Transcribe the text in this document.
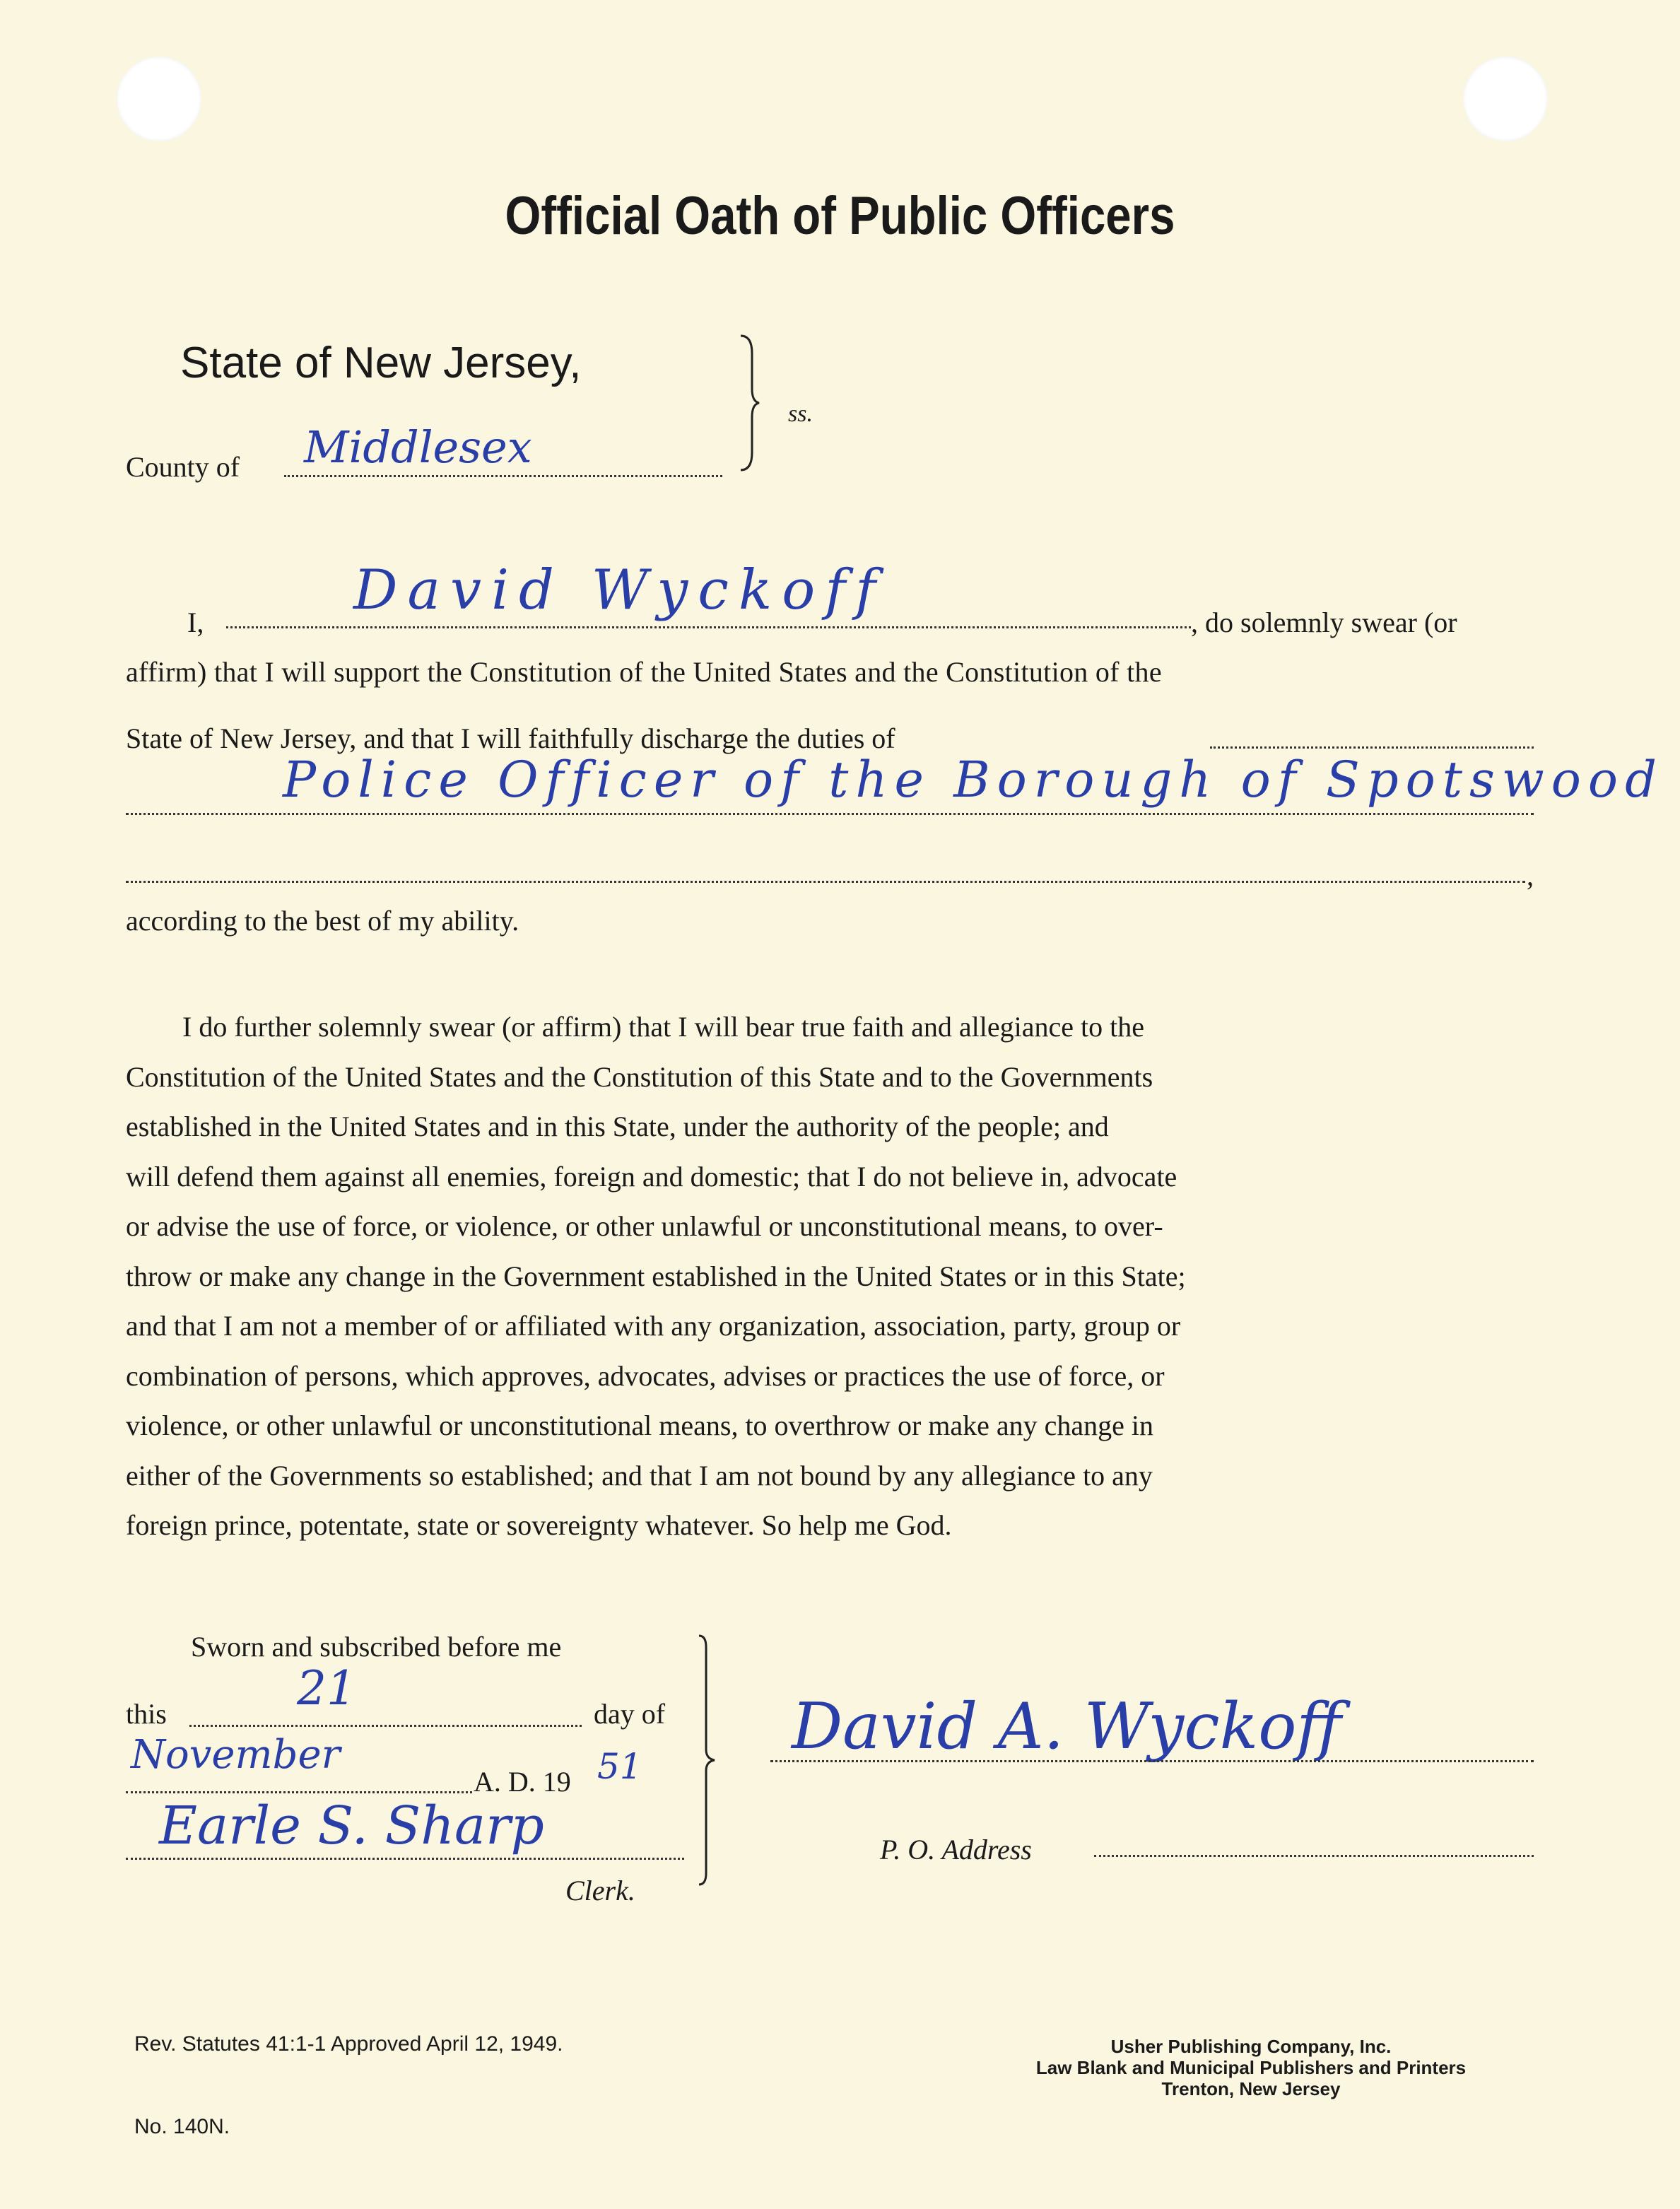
Official Oath of Public Officers
State of New Jersey,
ss.
County of Middlesex
I,
David Wyckoff
, do solemnly swear (or
affirm) that I will support the Constitution of the United States and the Constitution of the
State of New Jersey, and that I will faithfully discharge the duties of
Police Officer of the Borough of Spotswood
,
according to the best of my ability.

I do further solemnly swear (or affirm) that I will bear true faith and allegiance to the

Constitution of the United States and the Constitution of this State and to the Governments

established in the United States and in this State, under the authority of the people; and

will defend them against all enemies, foreign and domestic; that I do not believe in, advocate

or advise the use of force, or violence, or other unlawful or unconstitutional means, to over-

throw or make any change in the Government established in the United States or in this State;

and that I am not a member of or affiliated with any organization, association, party, group or

combination of persons, which approves, advocates, advises or practices the use of force, or

violence, or other unlawful or unconstitutional means, to overthrow or make any change in

either of the Governments so established; and that I am not bound by any allegiance to any

foreign prince, potentate, state or sovereignty whatever. So help me God.

Sworn and subscribed before me
this	21	day of
November
A. D. 19 51
Earle S. Sharp
Clerk.
David A. Wyckoff
P. O. Address
Rev. Statutes 41:1-1 Approved April 12, 1949.
No. 140N.
Usher Publishing Company, Inc.
Law Blank and Municipal Publishers and Printers
Trenton, New Jersey
